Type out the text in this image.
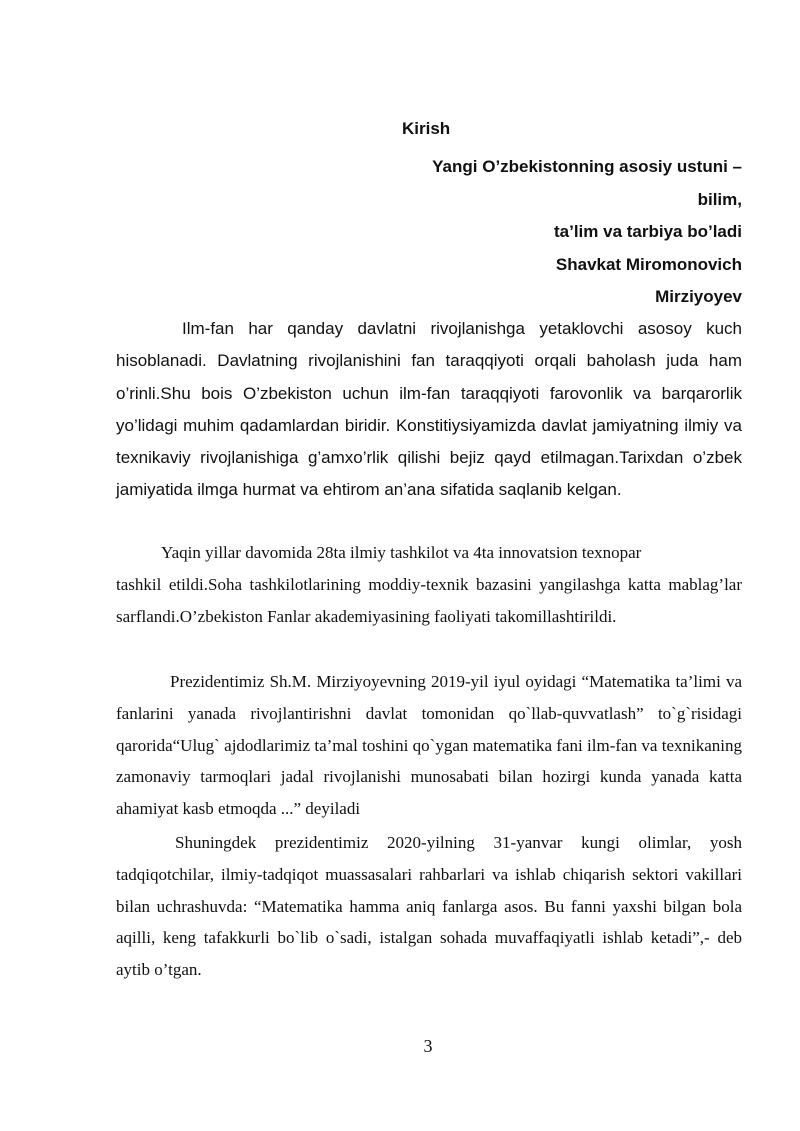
Kirish
Yangi O’zbekistonning asosiy ustuni –
bilim,
ta’lim va tarbiya bo’ladi
Shavkat Miromonovich
Mirziyoyev

Ilm-fan har qanday davlatni rivojlanishga yetaklovchi asosoy kuch hisoblanadi. Davlatning rivojlanishini fan taraqqiyoti orqali baholash juda ham o’rinli.Shu bois O’zbekiston uchun ilm-fan taraqqiyoti farovonlik va barqarorlik yo’lidagi muhim qadamlardan biridir. Konstitiysiyamizda davlat jamiyatning ilmiy va texnikaviy rivojlanishiga g’amxo’rlik qilishi bejiz qayd etilmagan.Tarixdan o’zbek jamiyatida ilmga hurmat va ehtirom an’ana sifatida saqlanib kelgan.

Yaqin yillar davomida 28ta ilmiy tashkilot va 4ta innovatsion texnopar
tashkil etildi.Soha tashkilotlarining moddiy-texnik bazasini yangilashga katta mablag’lar sarflandi.O’zbekiston Fanlar akademiyasining faoliyati takomillashtirildi.

Prezidentimiz Sh.M. Mirziyoyevning 2019-yil iyul oyidagi “Matematika ta’limi va fanlarini yanada rivojlantirishni davlat tomonidan qo`llab-quvvatlash” to`g`risidagi qarorida“Ulug` ajdodlarimiz ta’mal toshini qo`ygan matematika fani ilm-fan va texnikaning zamonaviy tarmoqlari jadal rivojlanishi munosabati bilan hozirgi kunda yanada katta ahamiyat kasb etmoqda ...” deyiladi

Shuningdek prezidentimiz 2020-yilning 31-yanvar kungi olimlar, yosh tadqiqotchilar, ilmiy-tadqiqot muassasalari rahbarlari va ishlab chiqarish sektori vakillari bilan uchrashuvda: “Matematika hamma aniq fanlarga asos. Bu fanni yaxshi bilgan bola aqilli, keng tafakkurli bo`lib o`sadi, istalgan sohada muvaffaqiyatli ishlab ketadi”,- deb aytib o’tgan.

3
